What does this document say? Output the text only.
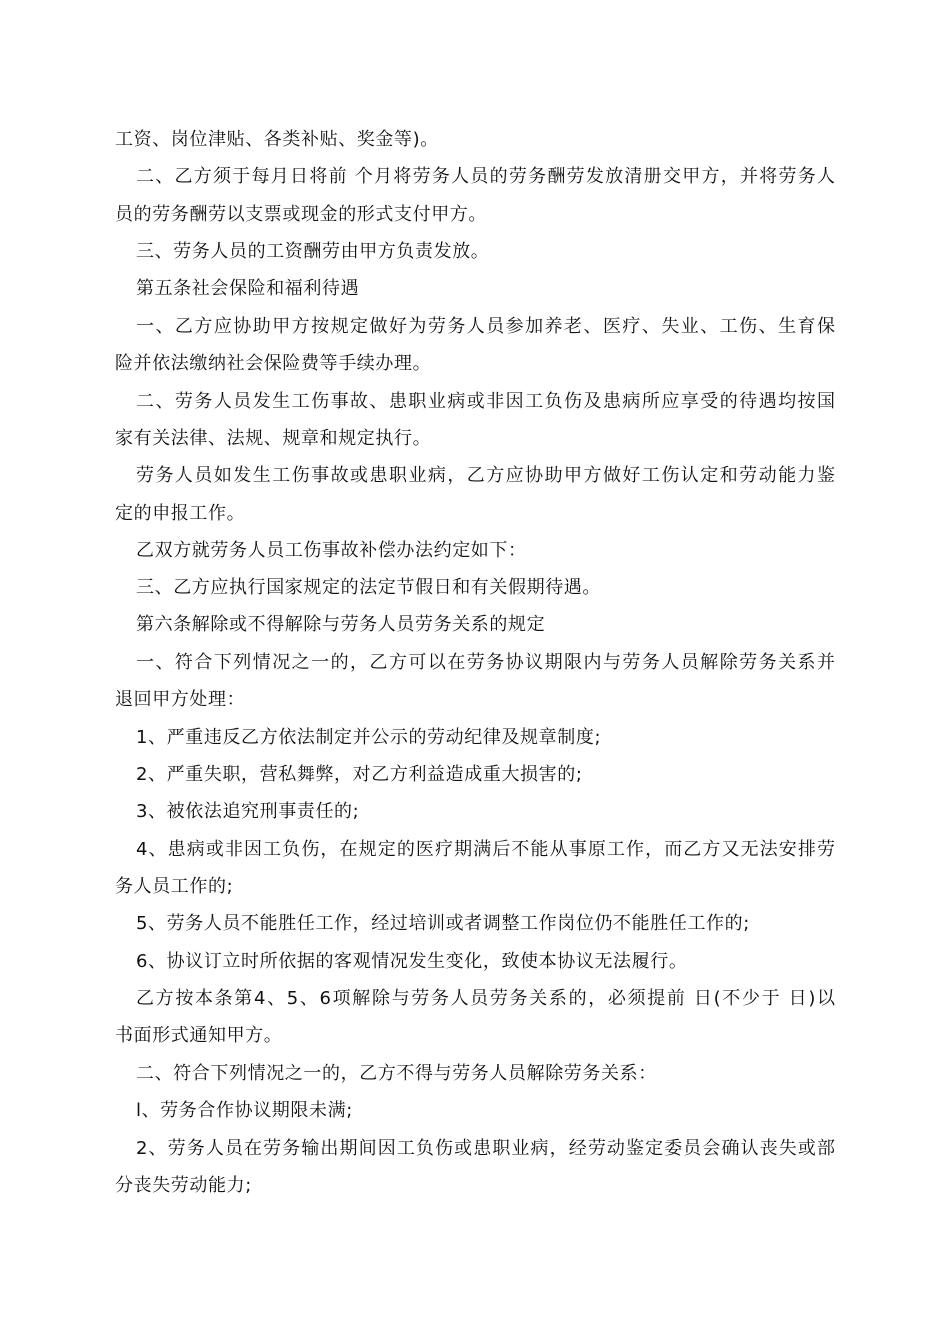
工资、岗位津贴、各类补贴、奖金等)。
二、乙方须于每月日将前 个月将劳务人员的劳务酬劳发放清册交甲方，并将劳务人
员的劳务酬劳以支票或现金的形式支付甲方。
三、劳务人员的工资酬劳由甲方负责发放。
第五条社会保险和福利待遇
一、乙方应协助甲方按规定做好为劳务人员参加养老、医疗、失业、工伤、生育保
险并依法缴纳社会保险费等手续办理。
二、劳务人员发生工伤事故、患职业病或非因工负伤及患病所应享受的待遇均按国
家有关法律、法规、规章和规定执行。
劳务人员如发生工伤事故或患职业病，乙方应协助甲方做好工伤认定和劳动能力鉴
定的申报工作。
乙双方就劳务人员工伤事故补偿办法约定如下：
三、乙方应执行国家规定的法定节假日和有关假期待遇。
第六条解除或不得解除与劳务人员劳务关系的规定
一、符合下列情况之一的，乙方可以在劳务协议期限内与劳务人员解除劳务关系并
退回甲方处理：
1、严重违反乙方依法制定并公示的劳动纪律及规章制度;
2、严重失职，营私舞弊，对乙方利益造成重大损害的;
3、被依法追究刑事责任的;
4、患病或非因工负伤，在规定的医疗期满后不能从事原工作，而乙方又无法安排劳
务人员工作的;
5、劳务人员不能胜任工作，经过培训或者调整工作岗位仍不能胜任工作的;
6、协议订立时所依据的客观情况发生变化，致使本协议无法履行。
乙方按本条第4、5、6项解除与劳务人员劳务关系的，必须提前 日(不少于 日)以
书面形式通知甲方。
二、符合下列情况之一的，乙方不得与劳务人员解除劳务关系：
l、劳务合作协议期限未满;
2、劳务人员在劳务输出期间因工负伤或患职业病，经劳动鉴定委员会确认丧失或部
分丧失劳动能力;
